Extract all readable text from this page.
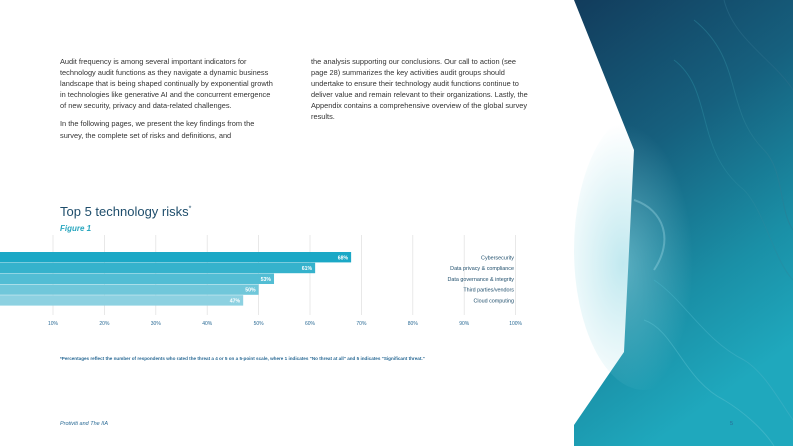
Audit frequency is among several important indicators for technology audit functions as they navigate a dynamic business landscape that is being shaped continually by exponential growth in technologies like generative AI and the concurrent emergence of new security, privacy and data-related challenges.

In the following pages, we present the key findings from the survey, the complete set of risks and definitions, and

the analysis supporting our conclusions. Our call to action (see page 28) summarizes the key activities audit groups should undertake to ensure their technology audit functions continue to deliver value and remain relevant to their organizations. Lastly, the Appendix contains a comprehensive overview of the global survey results.

Top 5 technology risks*
Figure 1
10%	20%	30%	40%	50%	60%	70%	80%	90%	100%
68%	Cybersecurity
61%	Data privacy & compliance
53%	Data governance & integrity
50%	Third parties/vendors
47%	Cloud computing
*Percentages reflect the number of respondents who rated the threat a 4 or 5 on a 5-point scale, where 1 indicates "No threat at all" and 5 indicates "Significant threat."
Protiviti and The IIA	5
